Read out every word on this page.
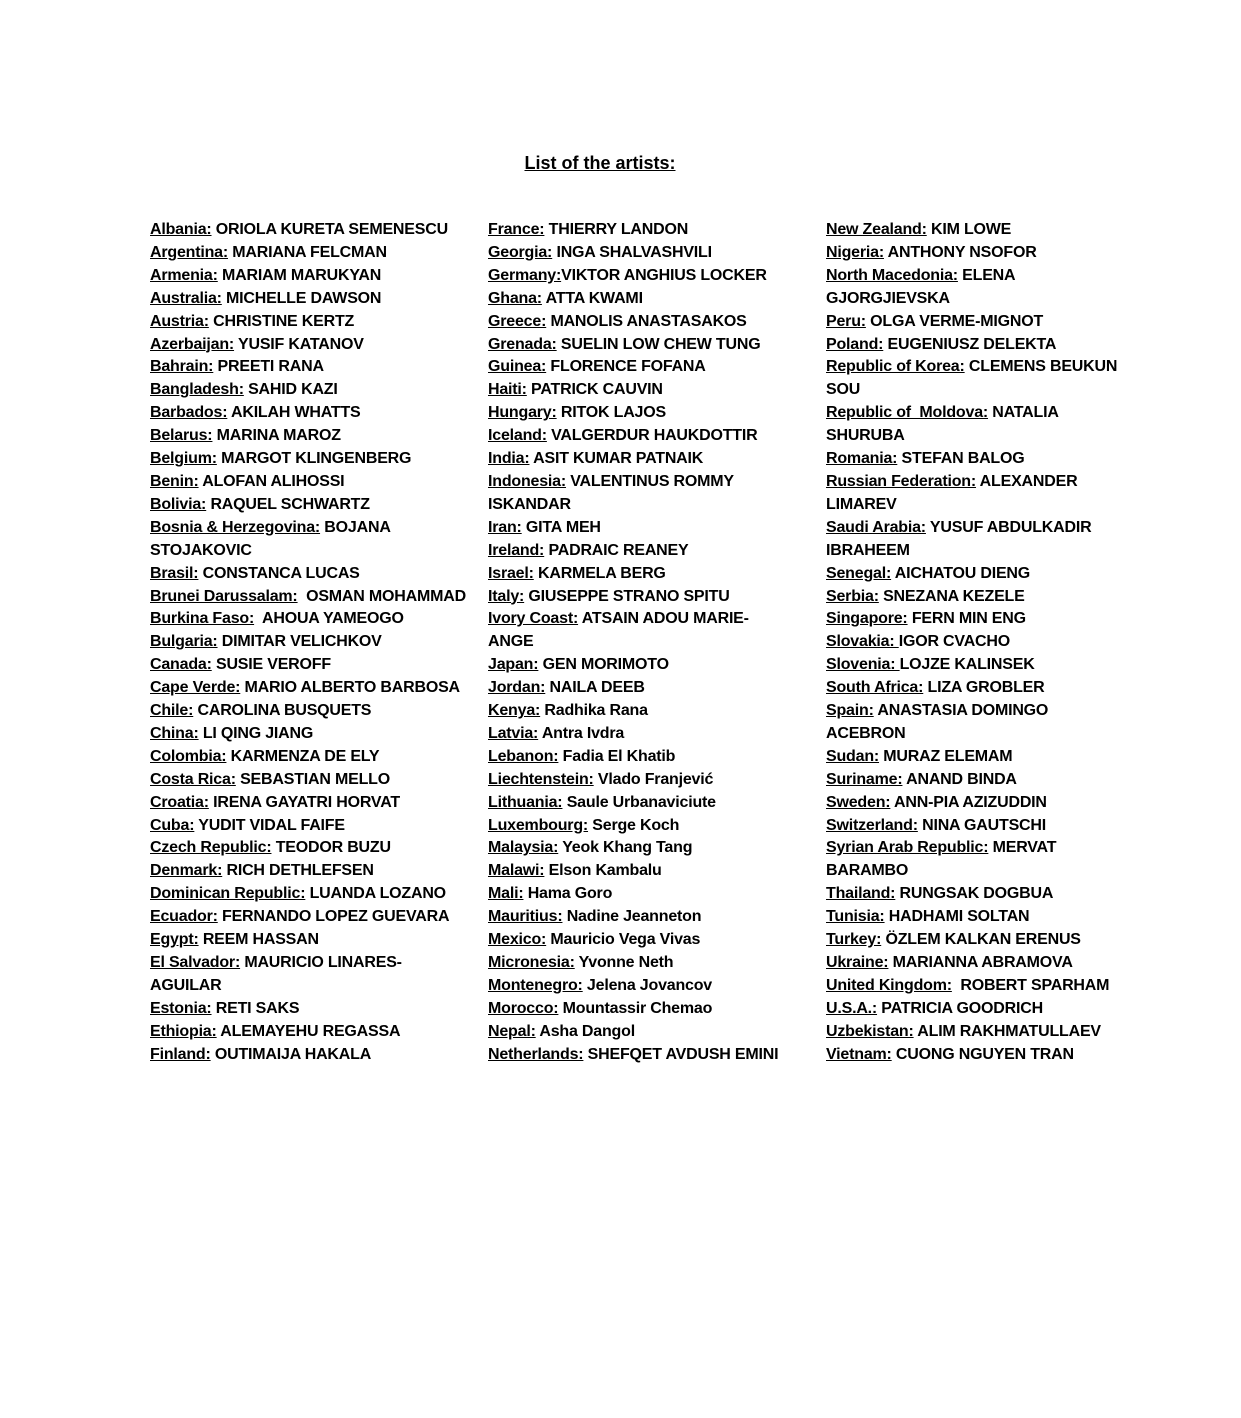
List of the artists:
Albania: ORIOLA KURETA SEMENESCU
Argentina: MARIANA FELCMAN
Armenia: MARIAM MARUKYAN
Australia: MICHELLE DAWSON
Austria: CHRISTINE KERTZ
Azerbaijan: YUSIF KATANOV
Bahrain: PREETI RANA
Bangladesh: SAHID KAZI
Barbados: AKILAH WHATTS
Belarus: MARINA MAROZ
Belgium: MARGOT KLINGENBERG
Benin: ALOFAN ALIHOSSI
Bolivia: RAQUEL SCHWARTZ
Bosnia & Herzegovina: BOJANA STOJAKOVIC
Brasil: CONSTANCA LUCAS
Brunei Darussalam:  OSMAN MOHAMMAD
Burkina Faso:  AHOUA YAMEOGO
Bulgaria: DIMITAR VELICHKOV
Canada: SUSIE VEROFF
Cape Verde: MARIO ALBERTO BARBOSA
Chile: CAROLINA BUSQUETS
China: LI QING JIANG
Colombia: KARMENZA DE ELY
Costa Rica: SEBASTIAN MELLO
Croatia: IRENA GAYATRI HORVAT
Cuba: YUDIT VIDAL FAIFE
Czech Republic: TEODOR BUZU
Denmark: RICH DETHLEFSEN
Dominican Republic: LUANDA LOZANO
Ecuador: FERNANDO LOPEZ GUEVARA
Egypt: REEM HASSAN
El Salvador: MAURICIO LINARES-AGUILAR
Estonia: RETI SAKS
Ethiopia: ALEMAYEHU REGASSA
Finland: OUTIMAIJA HAKALA
France: THIERRY LANDON
Georgia: INGA SHALVASHVILI
Germany:VIKTOR ANGHIUS LOCKER
Ghana: ATTA KWAMI
Greece: MANOLIS ANASTASAKOS
Grenada: SUELIN LOW CHEW TUNG
Guinea: FLORENCE FOFANA
Haiti: PATRICK CAUVIN
Hungary: RITOK LAJOS
Iceland: VALGERDUR HAUKDOTTIR
India: ASIT KUMAR PATNAIK
Indonesia: VALENTINUS ROMMY ISKANDAR
Iran: GITA MEH
Ireland: PADRAIC REANEY
Israel: KARMELA BERG
Italy: GIUSEPPE STRANO SPITU
Ivory Coast: ATSAIN ADOU MARIE-ANGE
Japan: GEN MORIMOTO
Jordan: NAILA DEEB
Kenya: Radhika Rana
Latvia: Antra Ivdra
Lebanon: Fadia El Khatib
Liechtenstein: Vlado Franjević
Lithuania: Saule Urbanaviciute
Luxembourg: Serge Koch
Malaysia: Yeok Khang Tang
Malawi: Elson Kambalu
Mali: Hama Goro
Mauritius: Nadine Jeanneton
Mexico: Mauricio Vega Vivas
Micronesia: Yvonne Neth
Montenegro: Jelena Jovancov
Morocco: Mountassir Chemao
Nepal: Asha Dangol
Netherlands: SHEFQET AVDUSH EMINI
New Zealand: KIM LOWE
Nigeria: ANTHONY NSOFOR
North Macedonia: ELENA GJORGJIEVSKA
Peru: OLGA VERME-MIGNOT
Poland: EUGENIUSZ DELEKTA
Republic of Korea: CLEMENS BEUKUN SOU
Republic of  Moldova: NATALIA SHURUBA
Romania: STEFAN BALOG
Russian Federation: ALEXANDER LIMAREV
Saudi Arabia: YUSUF ABDULKADIR IBRAHEEM
Senegal: AICHATOU DIENG
Serbia: SNEZANA KEZELE
Singapore: FERN MIN ENG
Slovakia: IGOR CVACHO
Slovenia: LOJZE KALINSEK
South Africa: LIZA GROBLER
Spain: ANASTASIA DOMINGO ACEBRON
Sudan: MURAZ ELEMAM
Suriname: ANAND BINDA
Sweden: ANN-PIA AZIZUDDIN
Switzerland: NINA GAUTSCHI
Syrian Arab Republic: MERVAT BARAMBO
Thailand: RUNGSAK DOGBUA
Tunisia: HADHAMI SOLTAN
Turkey: ÖZLEM KALKAN ERENUS
Ukraine: MARIANNA ABRAMOVA
United Kingdom:  ROBERT SPARHAM
U.S.A.: PATRICIA GOODRICH
Uzbekistan: ALIM RAKHMATULLAEV
Vietnam: CUONG NGUYEN TRAN
